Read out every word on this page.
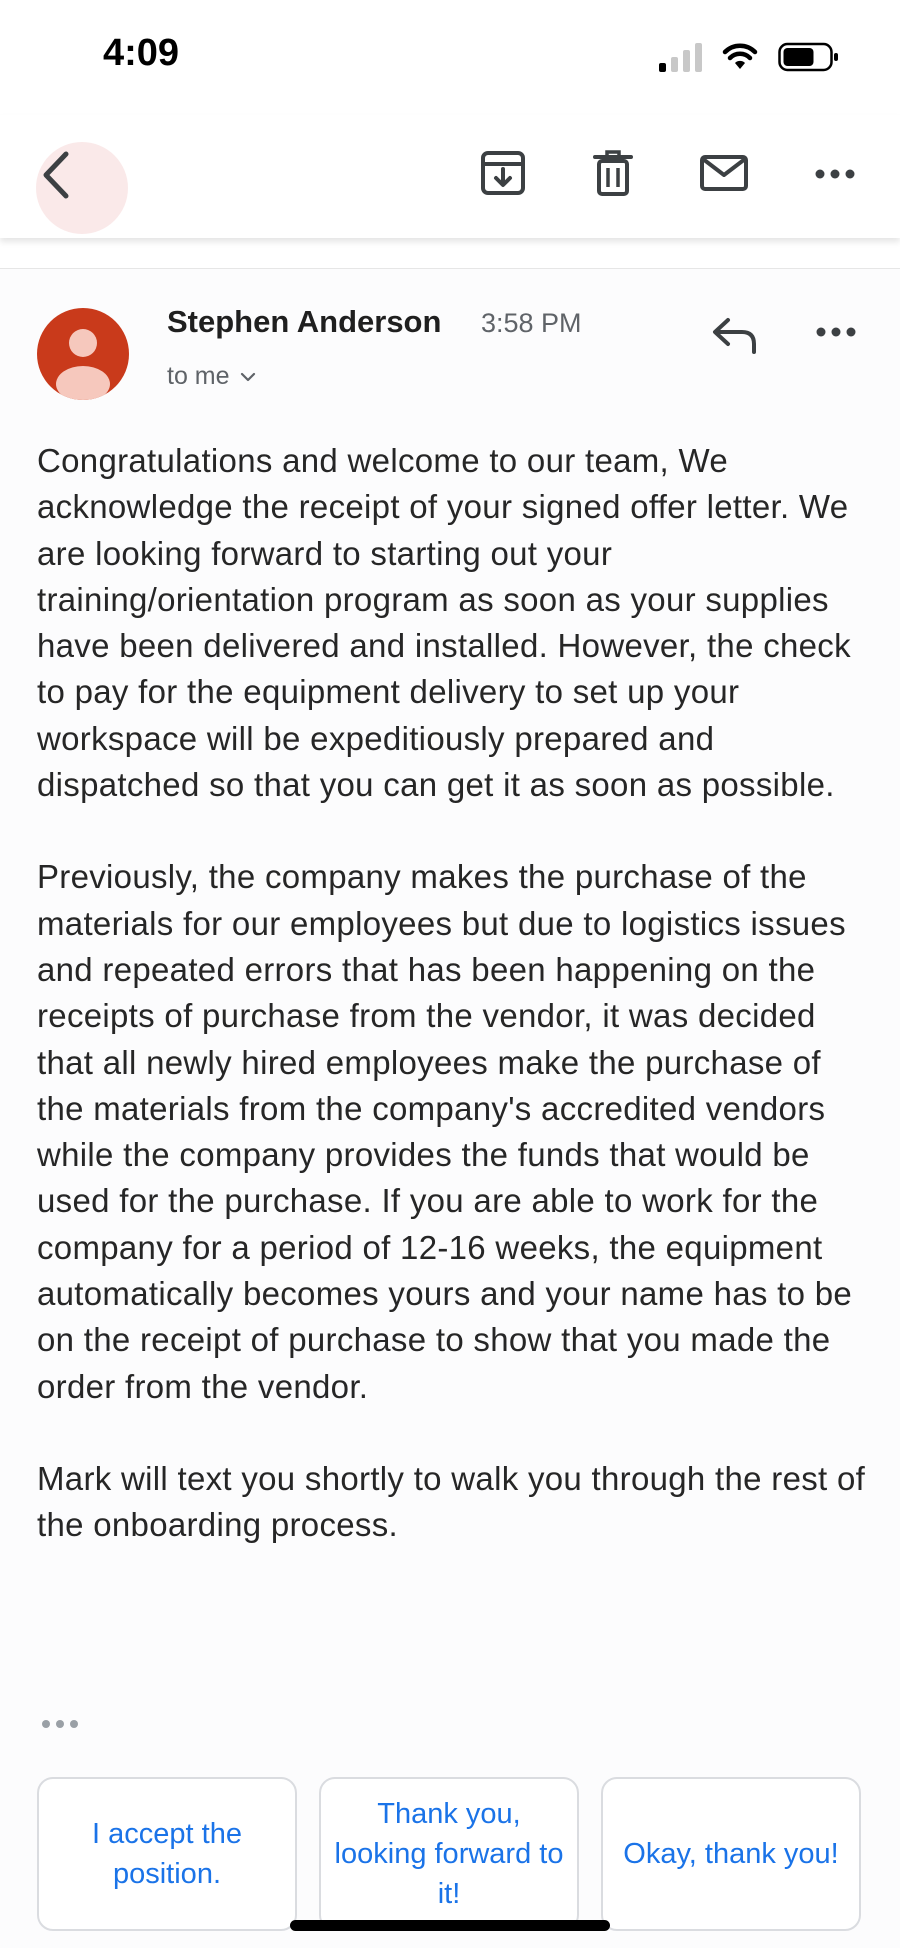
4:09
Stephen Anderson 3:58 PM
to me

Congratulations and welcome to our team, We acknowledge the receipt of your signed offer letter. We are looking forward to starting out your training/orientation program as soon as your supplies have been delivered and installed. However, the check to pay for the equipment delivery to set up your workspace will be expeditiously prepared and dispatched so that you can get it as soon as possible.

Previously, the company makes the purchase of the materials for our employees but due to logistics issues and repeated errors that has been happening on the receipts of purchase from the vendor, it was decided that all newly hired employees make the purchase of the materials from the company's accredited vendors while the company provides the funds that would be used for the purchase. If you are able to work for the company for a period of 12-16 weeks, the equipment automatically becomes yours and your name has to be on the receipt of purchase to show that you made the order from the vendor.

Mark will text you shortly to walk you through the rest of the onboarding process.

I accept the position.
Thank you, looking forward to it!
Okay, thank you!
